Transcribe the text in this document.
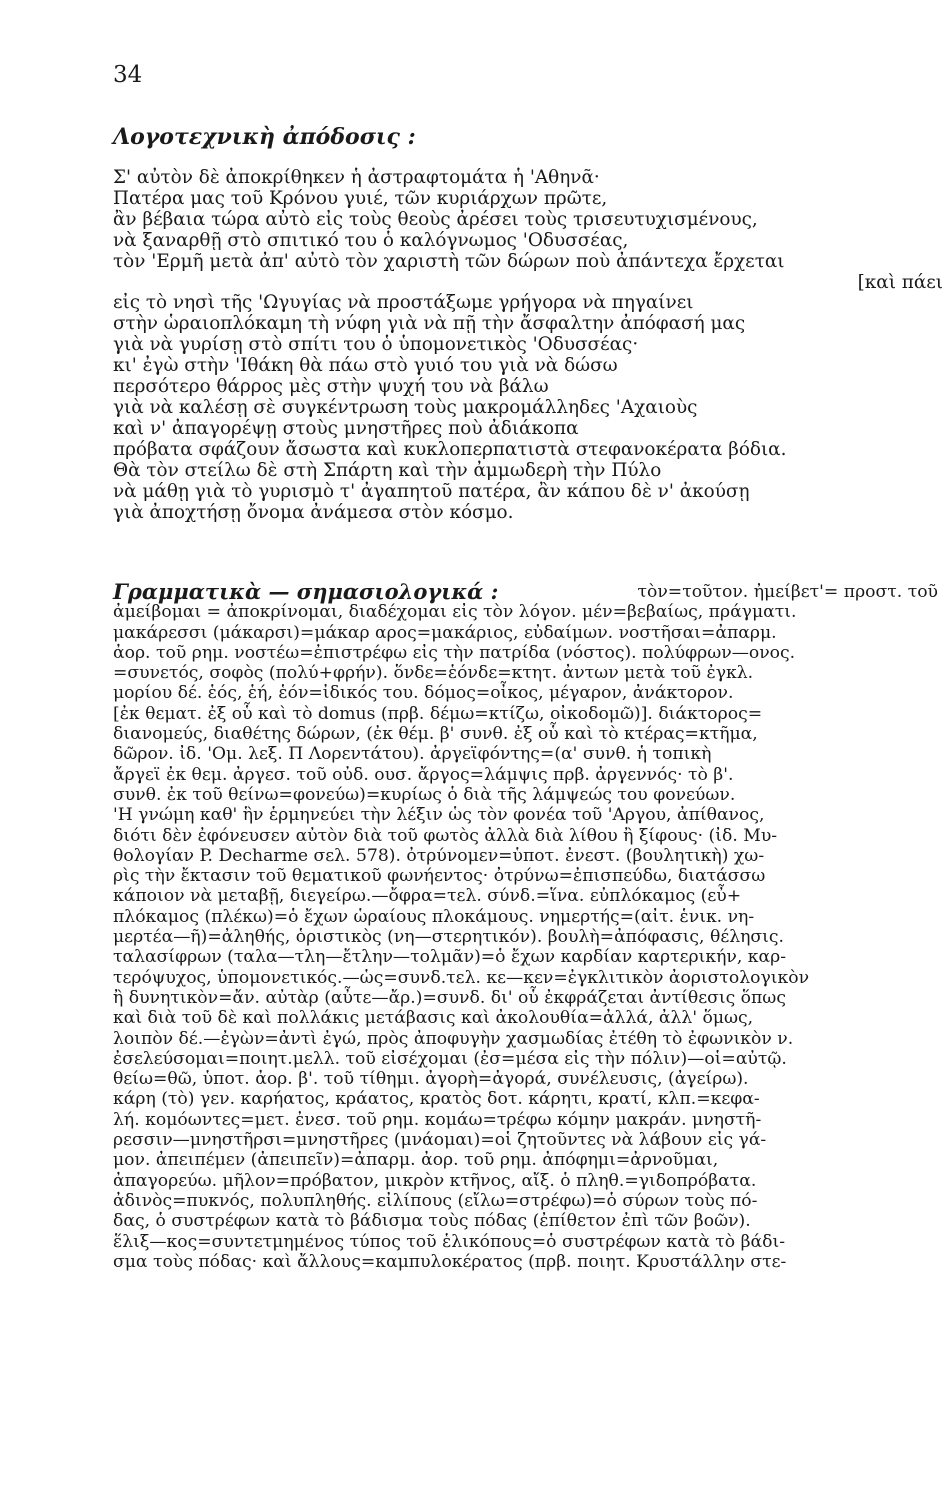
34
Λογοτεχνικὴ ἀπόδοσις :
Σ' αὐτὸν δὲ ἀποκρίθηκεν ἡ ἀστραφτομάτα ἡ 'Αθηνᾶ·
Πατέρα μας τοῦ Κρόνου γυιέ, τῶν κυριάρχων πρῶτε,
ἂν βέβαια τώρα αὐτὸ εἰς τοὺς θεοὺς ἀρέσει τοὺς τρισευτυχισμένους,
νὰ ξαναρθῇ στὸ σπιτικό του ὁ καλόγνωμος 'Οδυσσέας,
τὸν 'Ερμῆ μετὰ ἀπ' αὐτὸ τὸν χαριστὴ τῶν δώρων ποὺ ἀπάντεχα ἔρχεται
[καὶ πάει
εἰς τὸ νησὶ τῆς 'Ωγυγίας νὰ προστάξωμε γρήγορα νὰ πηγαίνει
στὴν ὡραιοπλόκαμη τὴ νύφη γιὰ νὰ πῇ τὴν ἄσφαλτην ἀπόφασή μας
γιὰ νὰ γυρίσῃ στὸ σπίτι του ὁ ὑπομονετικὸς 'Οδυσσέας·
κι' ἐγὼ στὴν 'Ιθάκη θὰ πάω στὸ γυιό του γιὰ νὰ δώσω
περσότερο θάρρος μὲς στὴν ψυχή του νὰ βάλω
γιὰ νὰ καλέσῃ σὲ συγκέντρωση τοὺς μακρομάλληδες 'Αχαιοὺς
καὶ ν' ἀπαγορέψῃ στοὺς μνηστῆρες ποὺ ἀδιάκοπα
πρόβατα σφάζουν ἄσωστα καὶ κυκλοπερπατιστὰ στεφανοκέρατα βόδια.
Θὰ τὸν στείλω δὲ στὴ Σπάρτη καὶ τὴν ἀμμωδερὴ τὴν Πύλο
νὰ μάθῃ γιὰ τὸ γυρισμὸ τ' ἀγαπητοῦ πατέρα, ἂν κάπου δὲ ν' ἀκούσῃ
γιὰ ἀποχτήσῃ ὄνομα ἀνάμεσα στὸν κόσμο.
Γραμματικὰ — σημασιολογικά :	τὸν=τοῦτον. ἠμείβετ'= προστ. τοῦ
ἀμείβομαι = ἀποκρίνομαι, διαδέχομαι εἰς τὸν λόγον. μέν=βεβαίως, πράγματι.
μακάρεσσι (μάκαρσι)=μάκαρ αρος=μακάριος, εὐδαίμων. νοστῆσαι=ἀπαρμ.
ἀορ. τοῦ ρημ. νοστέω=ἐπιστρέφω εἰς τὴν πατρίδα (νόστος). πολύφρων—ονος.
=συνετός, σοφὸς (πολύ+φρήν). ὅνδε=ἑόνδε=κτητ. ἀντων μετὰ τοῦ ἐγκλ.
μορίου δέ. ἑός, ἑή, ἑόν=ἰδικός του. δόμος=οἶκος, μέγαρον, ἀνάκτορον.
[ἐκ θεματ. ἐξ οὗ καὶ τὸ domus (πρβ. δέμω=κτίζω, οἰκοδομῶ)]. διάκτορος=
διανομεύς, διαθέτης δώρων, (ἐκ θέμ. β' συνθ. ἐξ οὗ καὶ τὸ κτέρας=κτῆμα,
δῶρον. ἰδ. 'Ομ. λεξ. Π Λορεντάτου). ἀργεϊφόντης=(α' συνθ. ἡ τοπικὴ
ἄργεϊ ἐκ θεμ. ἀργεσ. τοῦ οὐδ. ουσ. ἄργος=λάμψις πρβ. ἀργεννός· τὸ β'.
συνθ. ἐκ τοῦ θείνω=φονεύω)=κυρίως ὁ διὰ τῆς λάμψεώς του φονεύων.
'Η γνώμη καθ' ἣν ἑρμηνεύει τὴν λέξιν ὡς τὸν φονέα τοῦ 'Αργου, ἀπίθανος,
διότι δὲν ἐφόνευσεν αὐτὸν διὰ τοῦ φωτὸς ἀλλὰ διὰ λίθου ἢ ξίφους· (ἰδ. Μυ-
θολογίαν P. Decharme σελ. 578). ὀτρύνομεν=ὑποτ. ἐνεστ. (βουλητικὴ) χω-
ρὶς τὴν ἔκτασιν τοῦ θεματικοῦ φωνήεντος· ὀτρύνω=ἐπισπεύδω, διατάσσω
κάποιον νὰ μεταβῇ, διεγείρω.—ὄφρα=τελ. σύνδ.=ἵνα. εὐπλόκαμος (εὖ+
πλόκαμος (πλέκω)=ὁ ἔχων ὡραίους πλοκάμους. νημερτής=(αἰτ. ἑνικ. νη-
μερτέα—ῆ)=ἀληθής, ὁριστικὸς (νη—στερητικόν). βουλὴ=ἀπόφασις, θέλησις.
ταλασίφρων (ταλα—τλη—ἔτλην—τολμᾶν)=ὁ ἔχων καρδίαν καρτερικήν, καρ-
τερόψυχος, ὑπομονετικός.—ὡς=συνδ.τελ. κε—κεν=ἐγκλιτικὸν ἀοριστολογικὸν
ἢ δυνητικὸν=ἄν. αὐτὰρ (αὖτε—ἄρ.)=συνδ. δι' οὗ ἐκφράζεται ἀντίθεσις ὅπως
καὶ διὰ τοῦ δὲ καὶ πολλάκις μετάβασις καὶ ἀκολουθία=ἀλλά, ἀλλ' ὅμως,
λοιπὸν δέ.—ἐγὼν=ἀντὶ ἐγώ, πρὸς ἀποφυγὴν χασμωδίας ἐτέθη τὸ ἐφωνικὸν ν.
ἐσελεύσομαι=ποιητ.μελλ. τοῦ εἰσέχομαι (ἐσ=μέσα εἰς τὴν πόλιν)—οἱ=αὐτῷ.
θείω=θῶ, ὑποτ. ἀορ. β'. τοῦ τίθημι. ἀγορὴ=ἀγορά, συνέλευσις, (ἀγείρω).
κάρη (τὸ) γεν. καρήατος, κράατος, κρατὸς δοτ. κάρητι, κρατί, κλπ.=κεφα-
λή. κομόωντες=μετ. ἐνεσ. τοῦ ρημ. κομάω=τρέφω κόμην μακράν. μνηστῆ-
ρεσσιν—μνηστῆρσι=μνηστῆρες (μνάομαι)=οἱ ζητοῦντες νὰ λάβουν εἰς γά-
μον. ἀπειπέμεν (ἀπειπεῖν)=ἀπαρμ. ἀορ. τοῦ ρημ. ἀπόφημι=ἀρνοῦμαι,
ἀπαγορεύω. μῆλον=πρόβατον, μικρὸν κτῆνος, αἴξ. ὁ πληθ.=γιδοπρόβατα.
ἀδινὸς=πυκνός, πολυπληθής. εἰλίπους (εἴλω=στρέφω)=ὁ σύρων τοὺς πό-
δας, ὁ συστρέφων κατὰ τὸ βάδισμα τοὺς πόδας (ἐπίθετον ἐπὶ τῶν βοῶν).
ἕλιξ—κος=συντετμημένος τύπος τοῦ ἑλικόπους=ὁ συστρέφων κατὰ τὸ βάδι-
σμα τοὺς πόδας· καὶ ἄλλους=καμπυλοκέρατος (πρβ. ποιητ. Κρυστάλλην στε-
